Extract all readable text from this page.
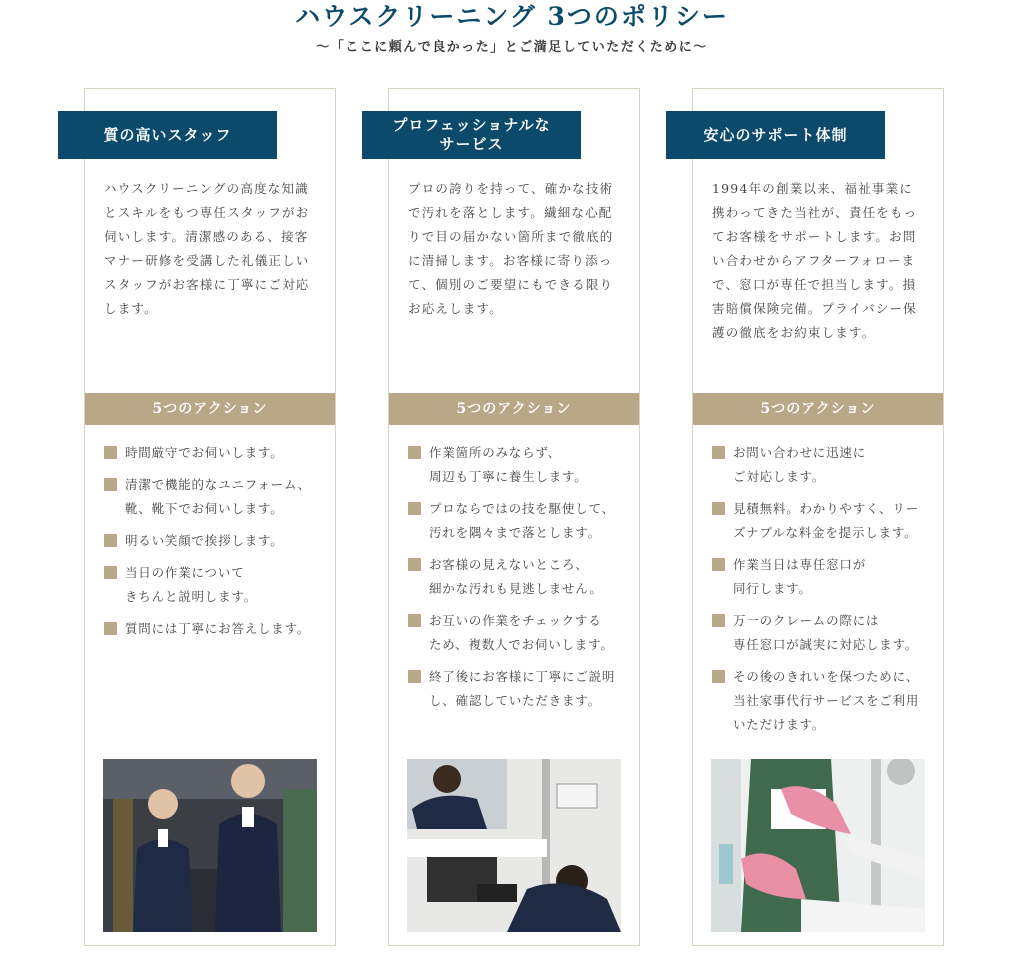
ハウスクリーニング 3つのポリシー

～「ここに頼んで良かった」とご満足していただくために～

質の高いスタッフ

ハウスクリーニングの高度な知識とスキルをもつ専任スタッフがお伺いします。清潔感のある、接客マナー研修を受講した礼儀正しいスタッフがお客様に丁寧にご対応します。

5つのアクション
時間厳守でお伺いします。
清潔で機能的なユニフォーム、
靴、靴下でお伺いします。
明るい笑顔で挨拶します。
当日の作業について
きちんと説明します。
質問には丁寧にお答えします。
プロフェッショナルな
サービス

プロの誇りを持って、確かな技術で汚れを落とします。繊細な心配りで目の届かない箇所まで徹底的に清掃します。お客様に寄り添って、個別のご要望にもできる限りお応えします。

5つのアクション
作業箇所のみならず、
周辺も丁寧に養生します。
プロならではの技を駆使して、
汚れを隅々まで落とします。
お客様の見えないところ、
細かな汚れも見逃しません。
お互いの作業をチェックする
ため、複数人でお伺いします。
終了後にお客様に丁寧にご説明
し、確認していただきます。
安心のサポート体制

1994年の創業以来、福祉事業に携わってきた当社が、責任をもってお客様をサポートします。お問い合わせからアフターフォローまで、窓口が専任で担当します。損害賠償保険完備。プライバシー保護の徹底をお約束します。

5つのアクション
お問い合わせに迅速に
ご対応します。
見積無料。わかりやすく、リー
ズナブルな料金を提示します。
作業当日は専任窓口が
同行します。
万一のクレームの際には
専任窓口が誠実に対応します。
その後のきれいを保つために、
当社家事代行サービスをご利用
いただけます。
